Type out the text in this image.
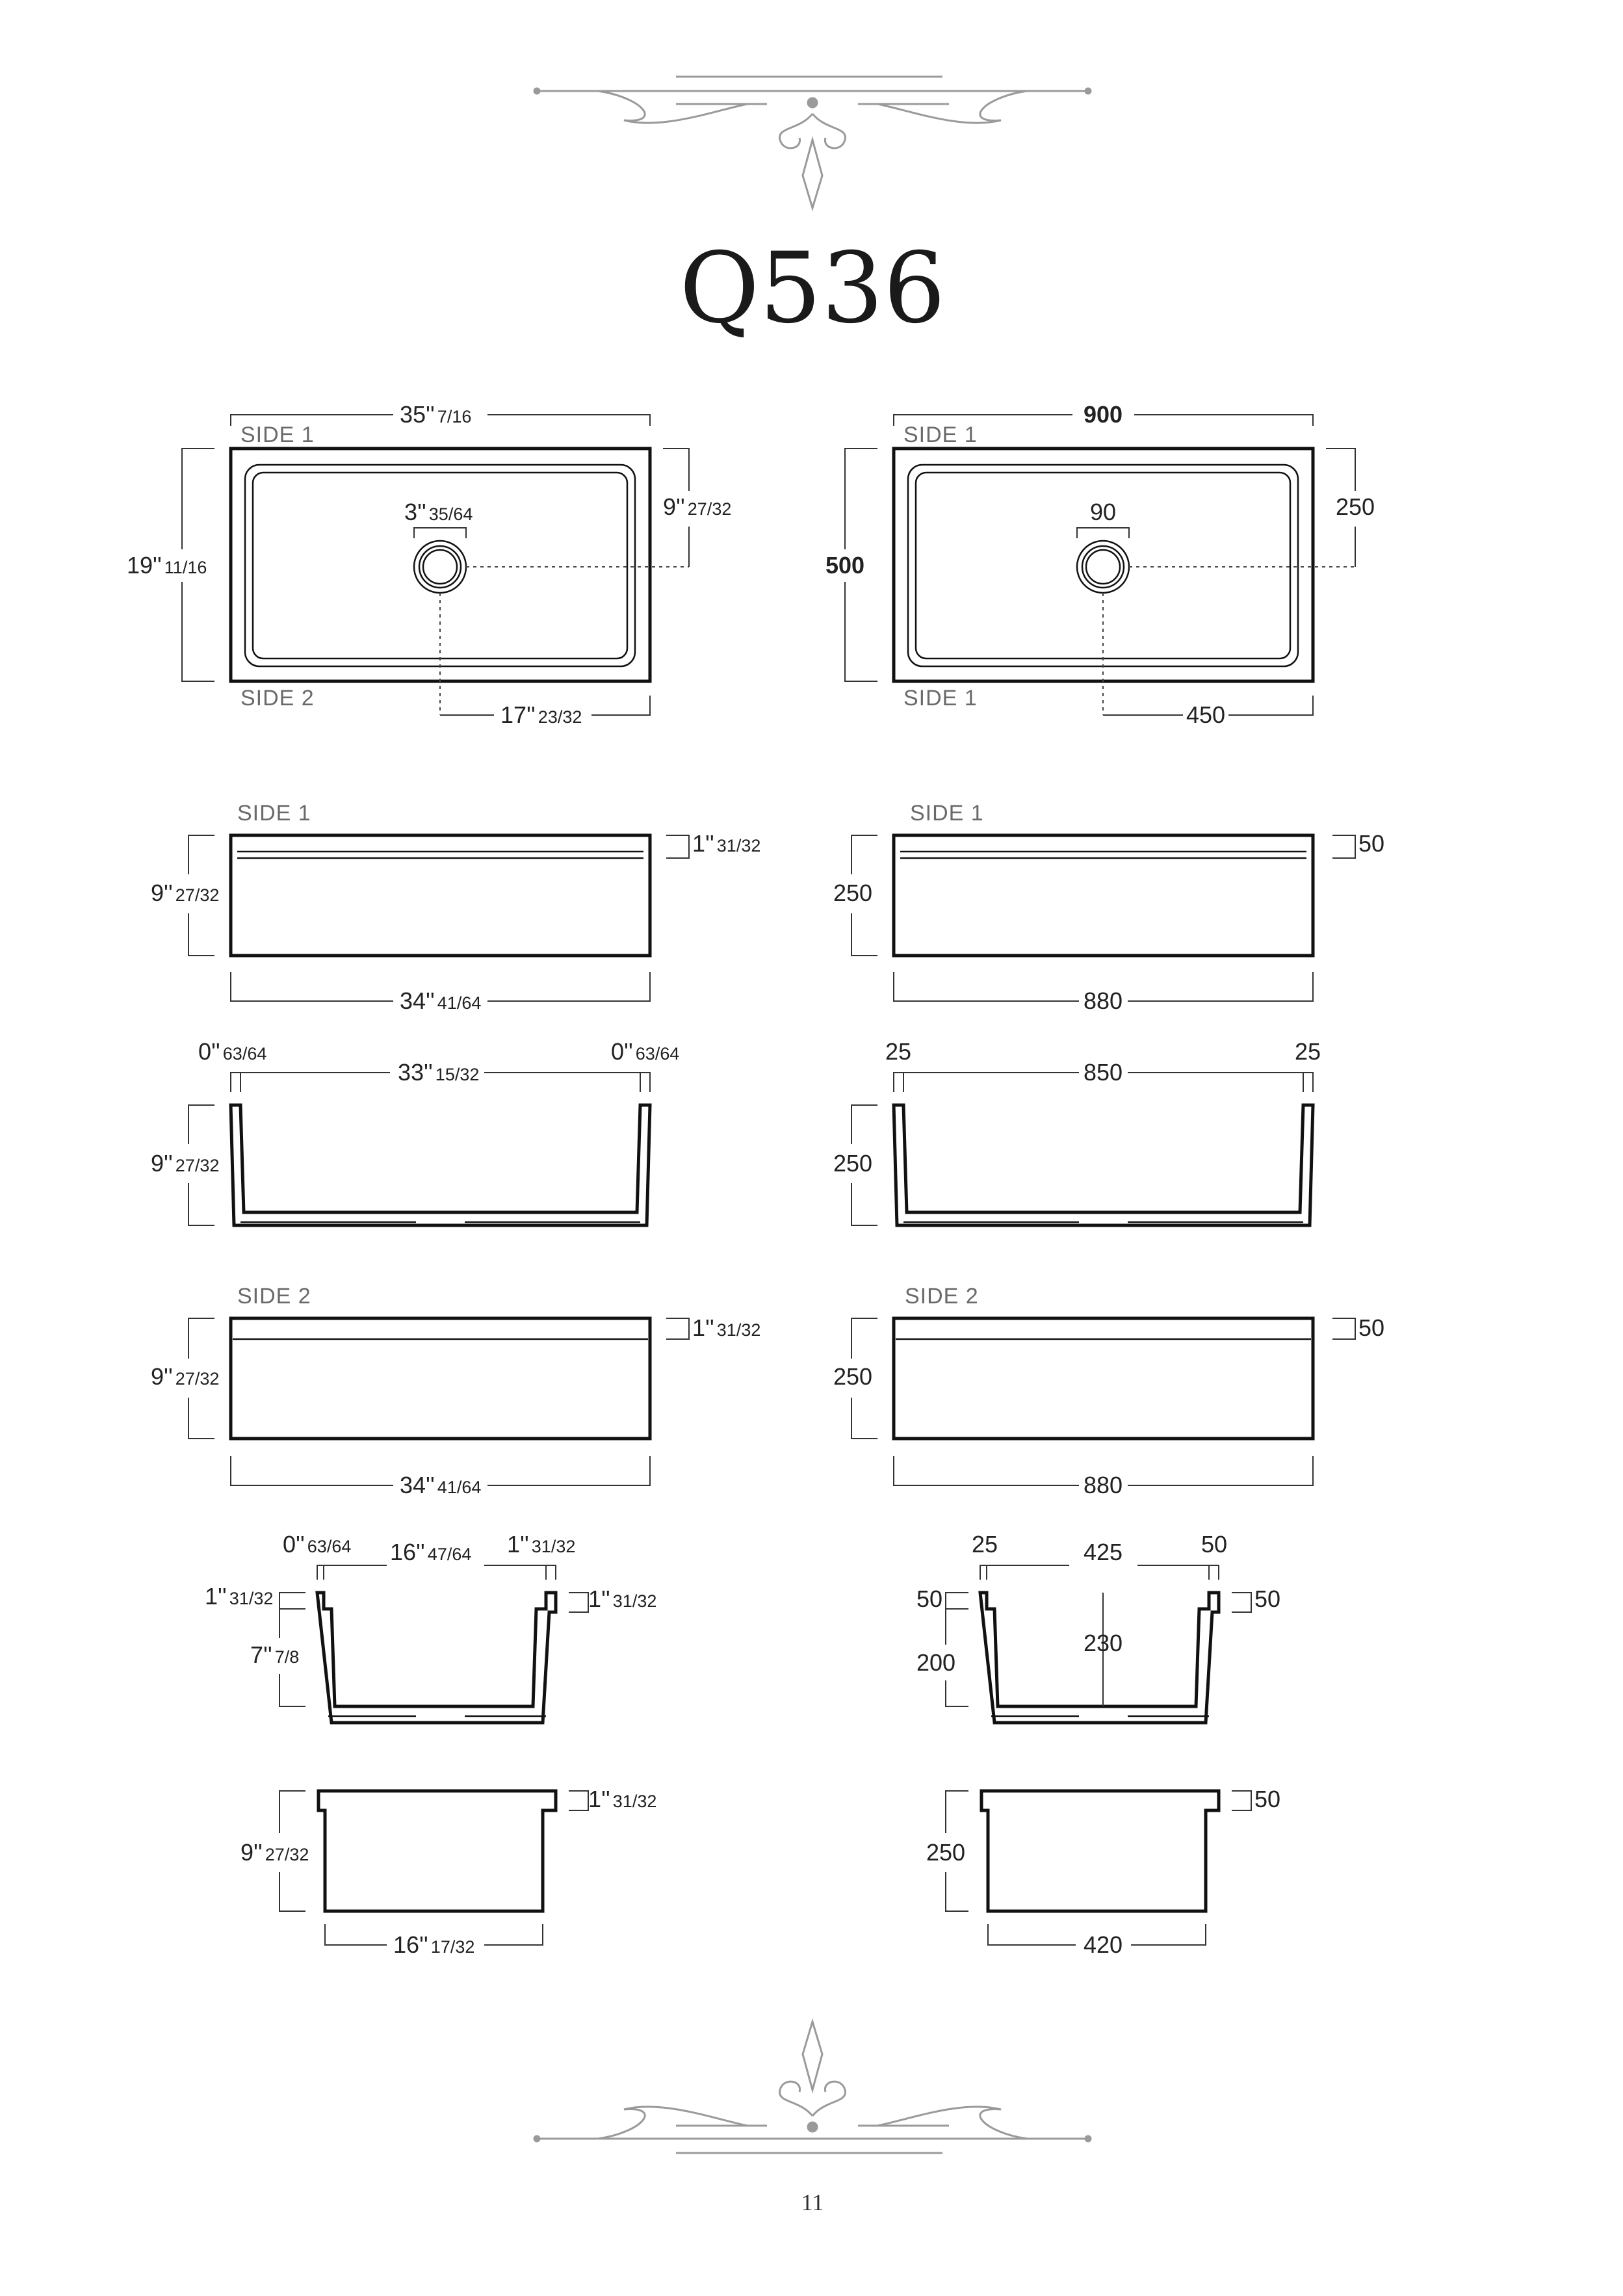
Q536
SIDE 1
SIDE 2
35'' 7/16
19'' 11/16
3'' 35/64	9'' 27/32
17'' 23/32
SIDE 1
SIDE 1
900
500
90	250
450
SIDE 1
9'' 27/32
1'' 31/32
34'' 41/64
SIDE 1
250
50
880
0'' 63/64
33'' 15/32
0'' 63/64
9'' 27/32
25
850
25
250
SIDE 2
9'' 27/32
1'' 31/32
34'' 41/64
SIDE 2
250
50
880
0'' 63/64 16'' 47/64 1'' 31/32
1'' 31/32
7'' 7/8
1'' 31/32
25	425	50
50
200
230
50
9'' 27/32
1'' 31/32
16'' 17/32
250
50
420
11
